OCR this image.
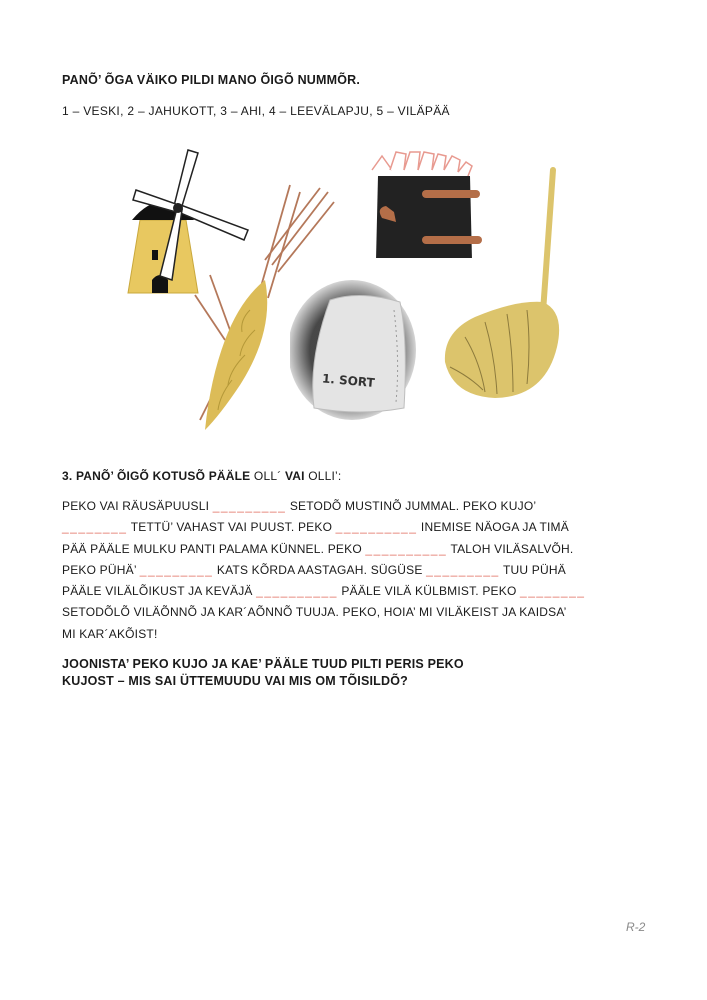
PANÕ’ ÕGA VÄIKO PILDI MANO ÕIGÕ NUMMÕR.
1 – VESKI, 2 – JAHUKOTT, 3 – AHI, 4 – LEEVÄLAPJU, 5 – VILÄPÄÄ
1. SORT
3. PANÕ’ ÕIGÕ KOTUSÕ PÄÄLE OLL´ VAI OLLI’:
PEKO VAI RÄUSÄPUUSLI _________ SETODÕ MUSTINÕ JUMMAL. PEKO KUJO’
________ TETTÜ’ VAHAST VAI PUUST. PEKO __________ INEMISE NÄOGA JA TIMÄ
PÄÄ PÄÄLE MULKU PANTI PALAMA KÜNNEL. PEKO __________ TALOH VILÄSALVÕH.
PEKO PÜHÄ’ _________ KATS KÕRDA AASTAGAH. SÜGÜSE _________ TUU PÜHÄ
PÄÄLE VILÄLÕIKUST JA KEVÄJÄ __________ PÄÄLE VILÄ KÜLBMIST. PEKO ________
SETODÕLÕ VILÄÕNNÕ JA KAR´AÕNNÕ TUUJA. PEKO, HOIA’ MI VILÄKEIST JA KAIDSA’
MI KAR´AKÕIST!
JOONISTA’ PEKO KUJO JA KAE’ PÄÄLE TUUD PILTI PERIS PEKO
KUJOST – MIS SAI ÜTTEMUUDU VAI MIS OM TÕISILDÕ?
R-2
